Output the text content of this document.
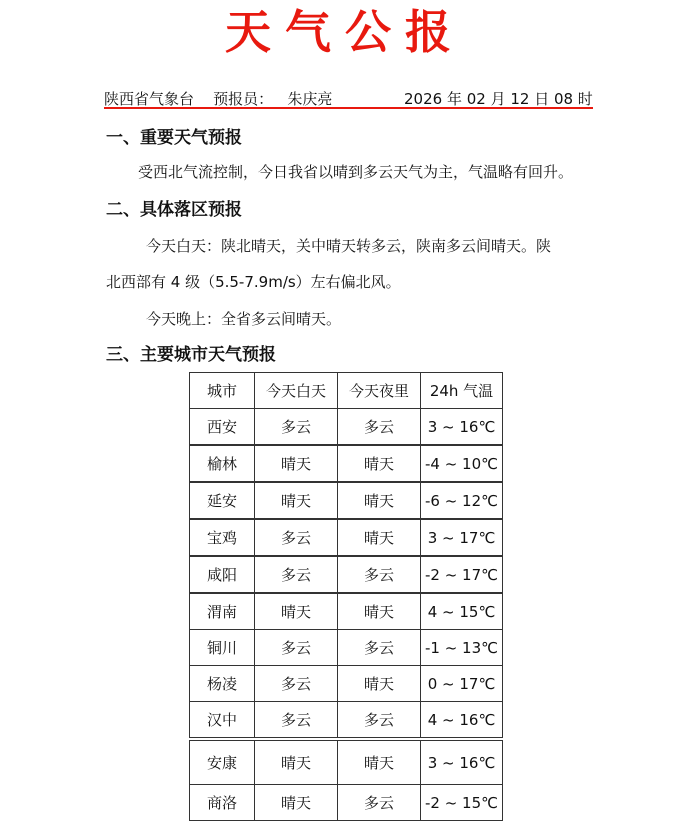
天气公报
陕西省气象台 预报员： 朱庆亮	2026 年 02 月 12 日 08 时
一、重要天气预报
受西北气流控制，今日我省以晴到多云天气为主，气温略有回升。
二、具体落区预报
今天白天：陕北晴天，关中晴天转多云，陕南多云间晴天。陕
北西部有 4 级（5.5-7.9m/s）左右偏北风。
今天晚上：全省多云间晴天。
三、主要城市天气预报
城市	今天白天	今天夜里	24h 气温
西安	多云	多云	3 ~ 16℃
榆林	晴天	晴天	-4 ~ 10℃
延安	晴天	晴天	-6 ~ 12℃
宝鸡	多云	晴天	3 ~ 17℃
咸阳	多云	多云	-2 ~ 17℃
渭南	晴天	晴天	4 ~ 15℃
铜川	多云	多云	-1 ~ 13℃
杨凌	多云	晴天	0 ~ 17℃
汉中	多云	多云	4 ~ 16℃
安康	晴天	晴天	3 ~ 16℃
商洛	晴天	多云	-2 ~ 15℃
